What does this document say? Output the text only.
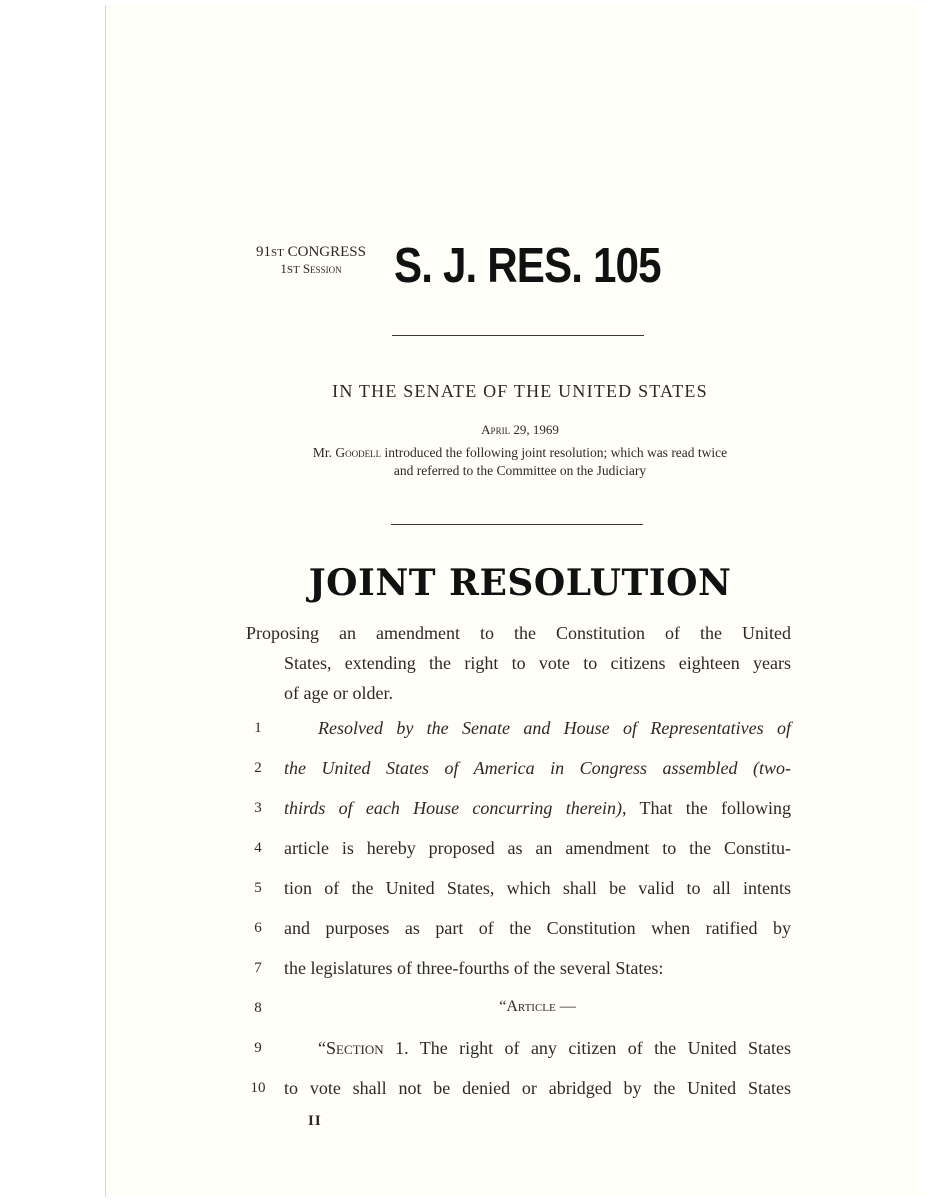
91ST CONGRESS
1ST Session	S. J. RES. 105
IN THE SENATE OF THE UNITED STATES
April 29, 1969
Mr. Goodell introduced the following joint resolution; which was read twice
and referred to the Committee on the Judiciary
JOINT RESOLUTION
Proposing an amendment to the Constitution of the United
States, extending the right to vote to citizens eighteen years
of age or older.
1	Resolved by the Senate and House of Representatives of
2	the United States of America in Congress assembled (two-
3	thirds of each House concurring therein), That the following
4	article is hereby proposed as an amendment to the Constitu-
5	tion of the United States, which shall be valid to all intents
6	and purposes as part of the Constitution when ratified by
7	the legislatures of three-fourths of the several States:
8	“Article —
9	“Section 1. The right of any citizen of the United States
10 to vote shall not be denied or abridged by the United States
II
